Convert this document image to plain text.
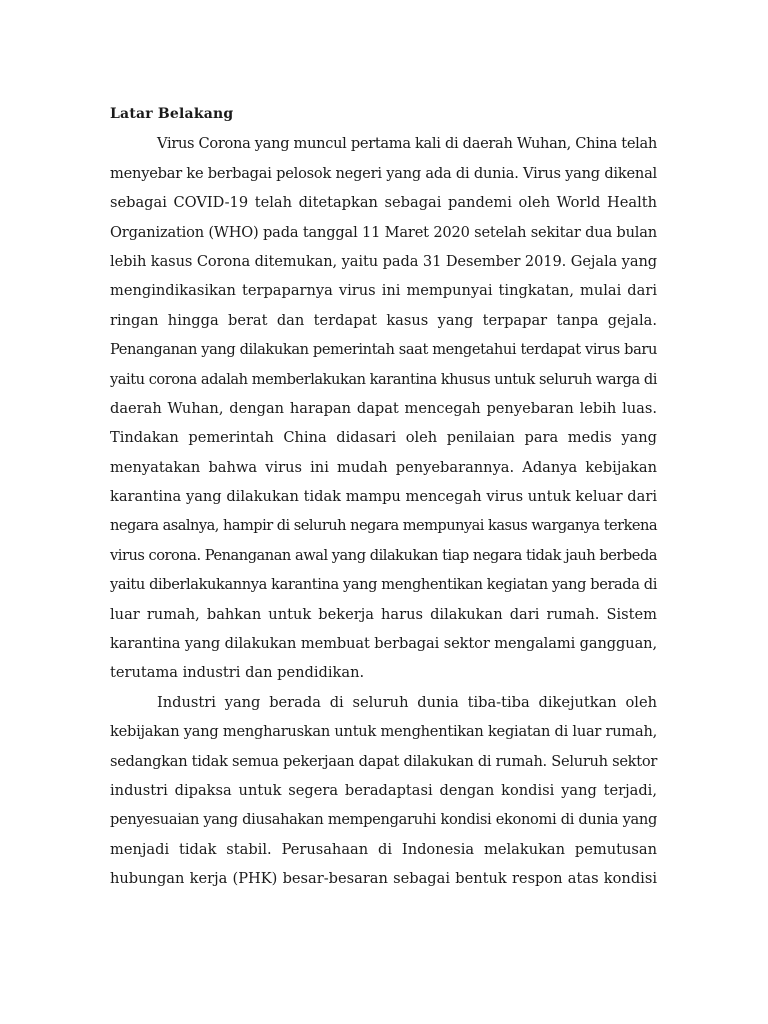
Latar Belakang
Virus Corona yang muncul pertama kali di daerah Wuhan, China telah
menyebar ke berbagai pelosok negeri yang ada di dunia. Virus yang dikenal
sebagai COVID-19 telah ditetapkan sebagai pandemi oleh World Health
Organization (WHO) pada tanggal 11 Maret 2020 setelah sekitar dua bulan
lebih kasus Corona ditemukan, yaitu pada 31 Desember 2019. Gejala yang
mengindikasikan terpaparnya virus ini mempunyai tingkatan, mulai dari
ringan hingga berat dan terdapat kasus yang terpapar tanpa gejala.
Penanganan yang dilakukan pemerintah saat mengetahui terdapat virus baru
yaitu corona adalah memberlakukan karantina khusus untuk seluruh warga di
daerah Wuhan, dengan harapan dapat mencegah penyebaran lebih luas.
Tindakan pemerintah China didasari oleh penilaian para medis yang
menyatakan bahwa virus ini mudah penyebarannya. Adanya kebijakan
karantina yang dilakukan tidak mampu mencegah virus untuk keluar dari
negara asalnya, hampir di seluruh negara mempunyai kasus warganya terkena
virus corona. Penanganan awal yang dilakukan tiap negara tidak jauh berbeda
yaitu diberlakukannya karantina yang menghentikan kegiatan yang berada di
luar rumah, bahkan untuk bekerja harus dilakukan dari rumah. Sistem
karantina yang dilakukan membuat berbagai sektor mengalami gangguan,
terutama industri dan pendidikan.
Industri yang berada di seluruh dunia tiba-tiba dikejutkan oleh
kebijakan yang mengharuskan untuk menghentikan kegiatan di luar rumah,
sedangkan tidak semua pekerjaan dapat dilakukan di rumah. Seluruh sektor
industri dipaksa untuk segera beradaptasi dengan kondisi yang terjadi,
penyesuaian yang diusahakan mempengaruhi kondisi ekonomi di dunia yang
menjadi tidak stabil. Perusahaan di Indonesia melakukan pemutusan
hubungan kerja (PHK) besar-besaran sebagai bentuk respon atas kondisi
